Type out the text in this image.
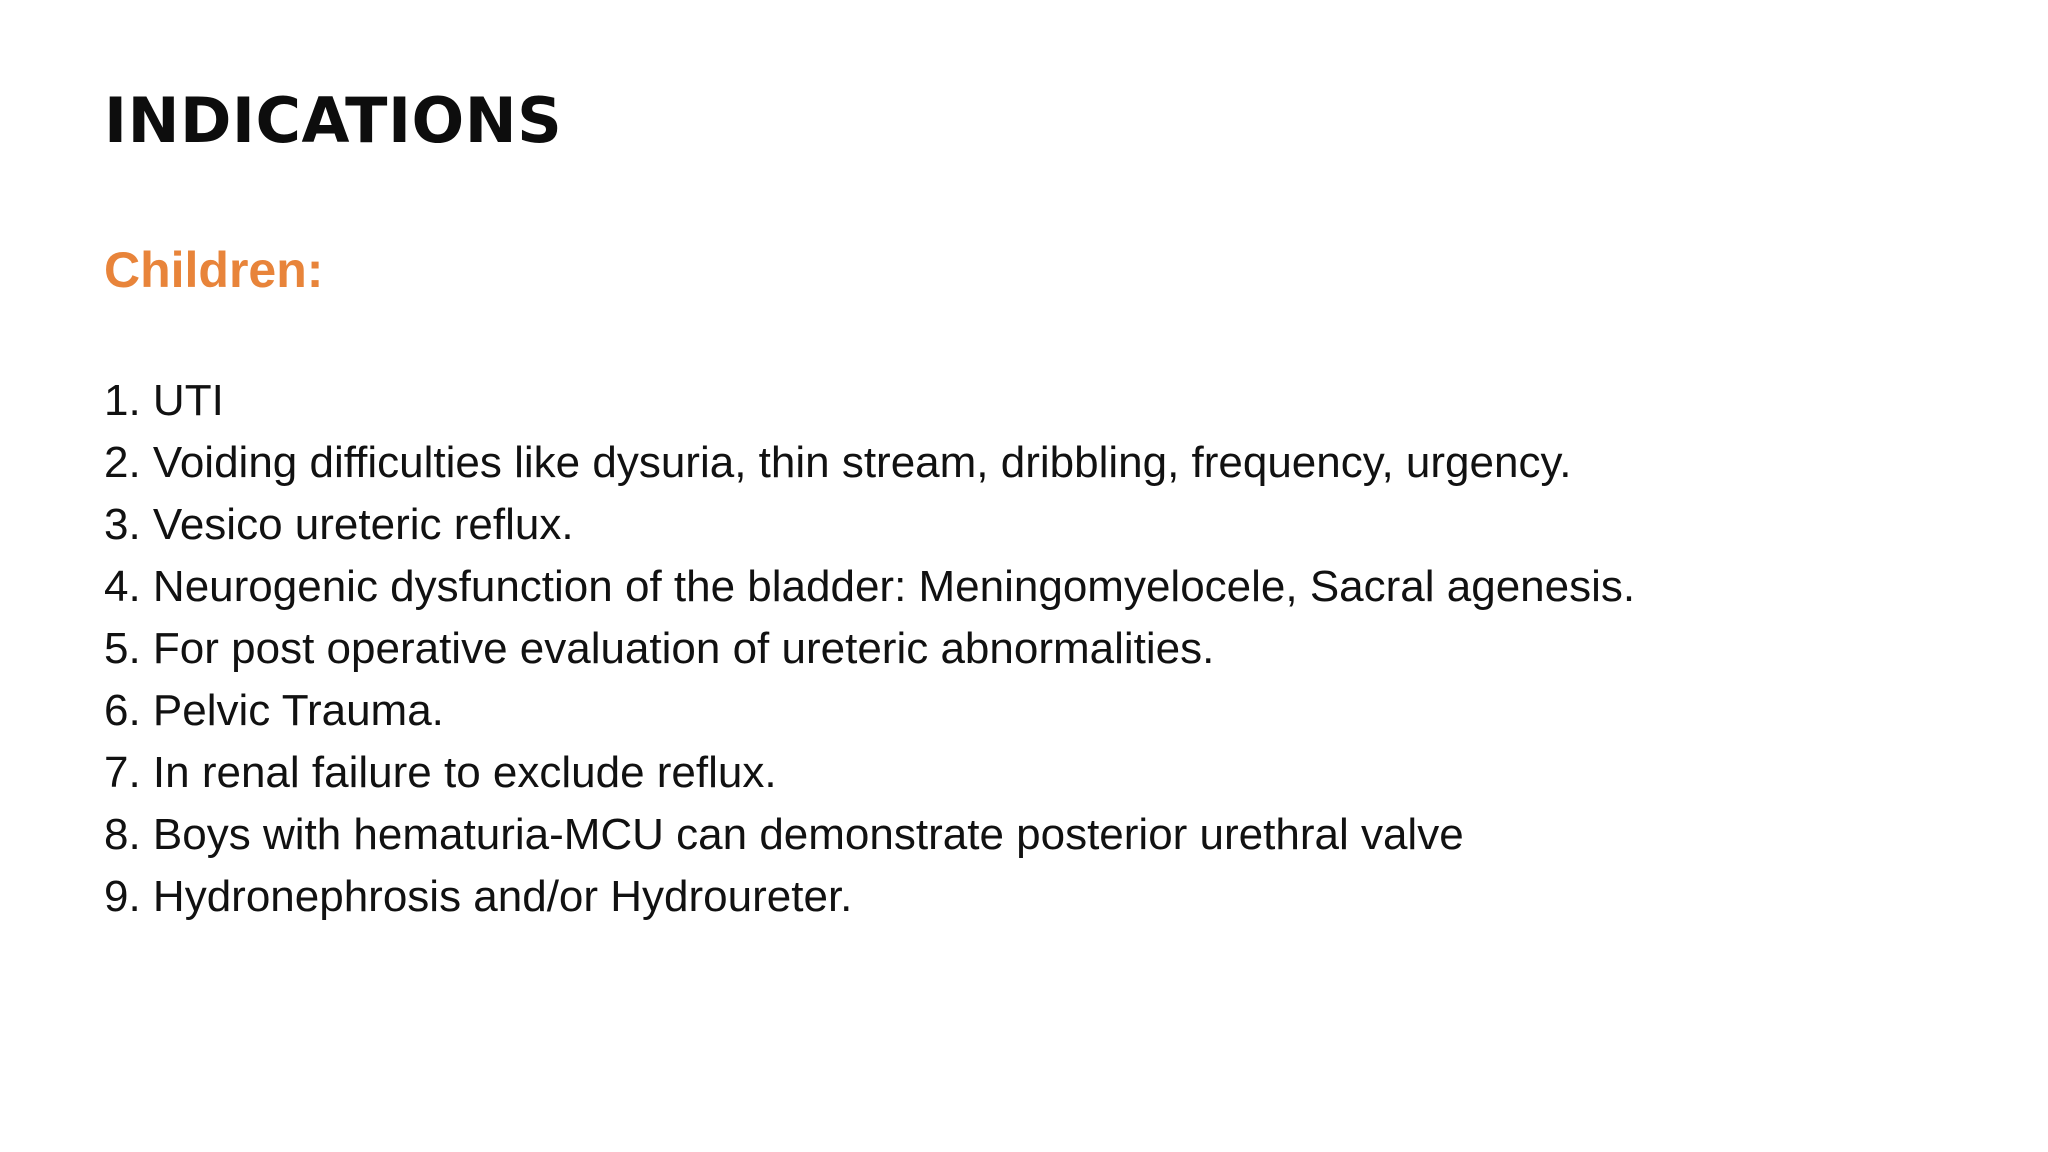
INDICATIONS
Children:
1. UTI
2. Voiding difficulties like dysuria, thin stream, dribbling, frequency, urgency.
3. Vesico ureteric reflux.
4. Neurogenic dysfunction of the bladder: Meningomyelocele, Sacral agenesis.
5. For post operative evaluation of ureteric abnormalities.
6. Pelvic Trauma.
7. In renal failure to exclude reflux.
8. Boys with hematuria-MCU can demonstrate posterior urethral valve
9. Hydronephrosis and/or Hydroureter.
